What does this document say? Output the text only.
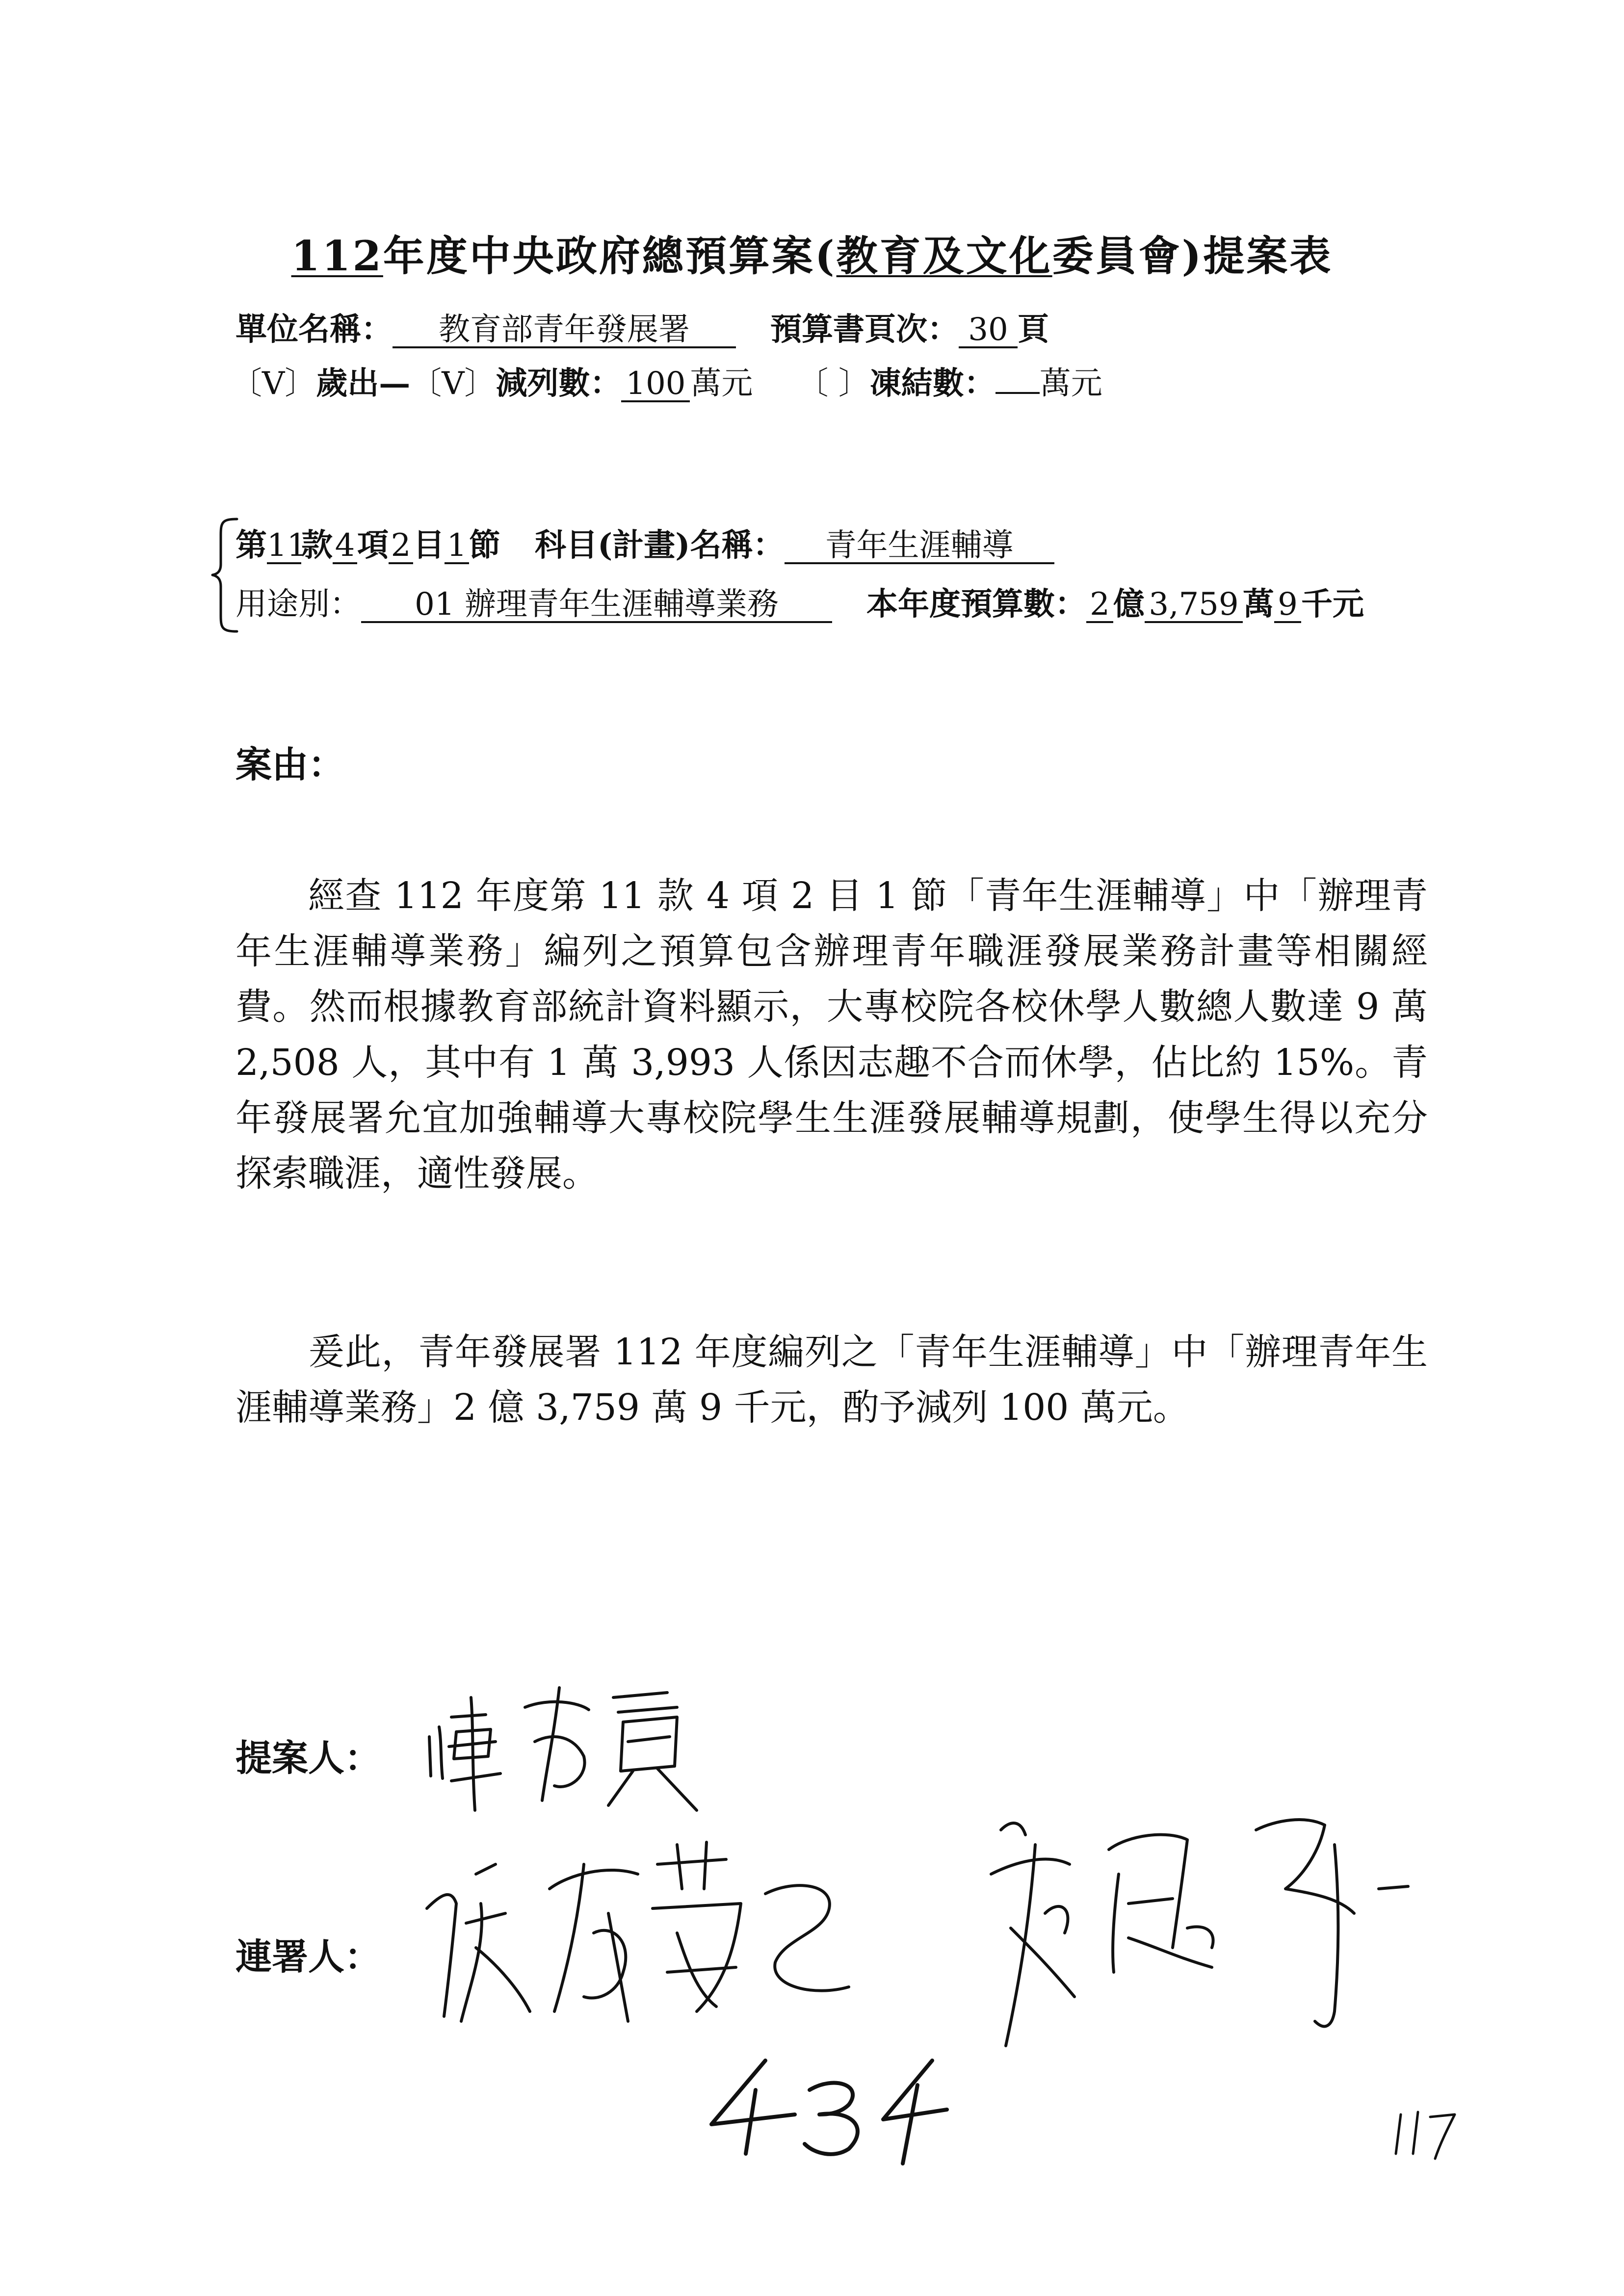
112年度中央政府總預算案(教育及文化委員會)提案表
單位名稱： 教育部青年發展署	預算書頁次： 30 頁
〔V〕歲出—〔V〕減列數： 100 萬元 〔 〕凍結數： 萬元
第11款4項2目1節 科目(計畫)名稱： 青年生涯輔導
用途別： 01 辦理青年生涯輔導業務	本年度預算數： 2 億 3,759 萬 9 千元
案由：
經查 112 年度第 11 款 4 項 2 目 1 節「青年生涯輔導」中「辦理青年生涯輔導業務」編列之預算包含辦理青年職涯發展業務計畫等相關經費。然而根據教育部統計資料顯示，大專校院各校休學人數總人數達 9 萬 2,508 人，其中有 1 萬 3,993 人係因志趣不合而休學，佔比約 15%。青年發展署允宜加強輔導大專校院學生生涯發展輔導規劃，使學生得以充分探索職涯，適性發展。
爰此，青年發展署 112 年度編列之「青年生涯輔導」中「辦理青年生涯輔導業務」2 億 3,759 萬 9 千元，酌予減列 100 萬元。
提案人：
連署人：
